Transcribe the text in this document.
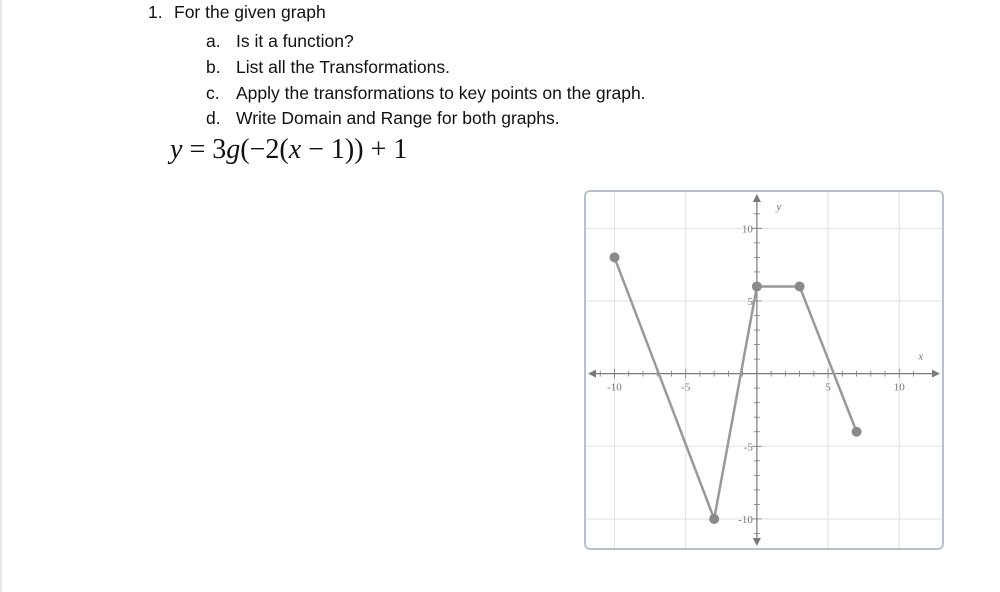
1. For the given graph
a. Is it a function?
b. List all the Transformations.
c. Apply the transformations to key points on the graph.
d. Write Domain and Range for both graphs.
y = 3g(−2(x − 1)) + 1
-10	-5	5	10
10
5
-5
-10
x
y
